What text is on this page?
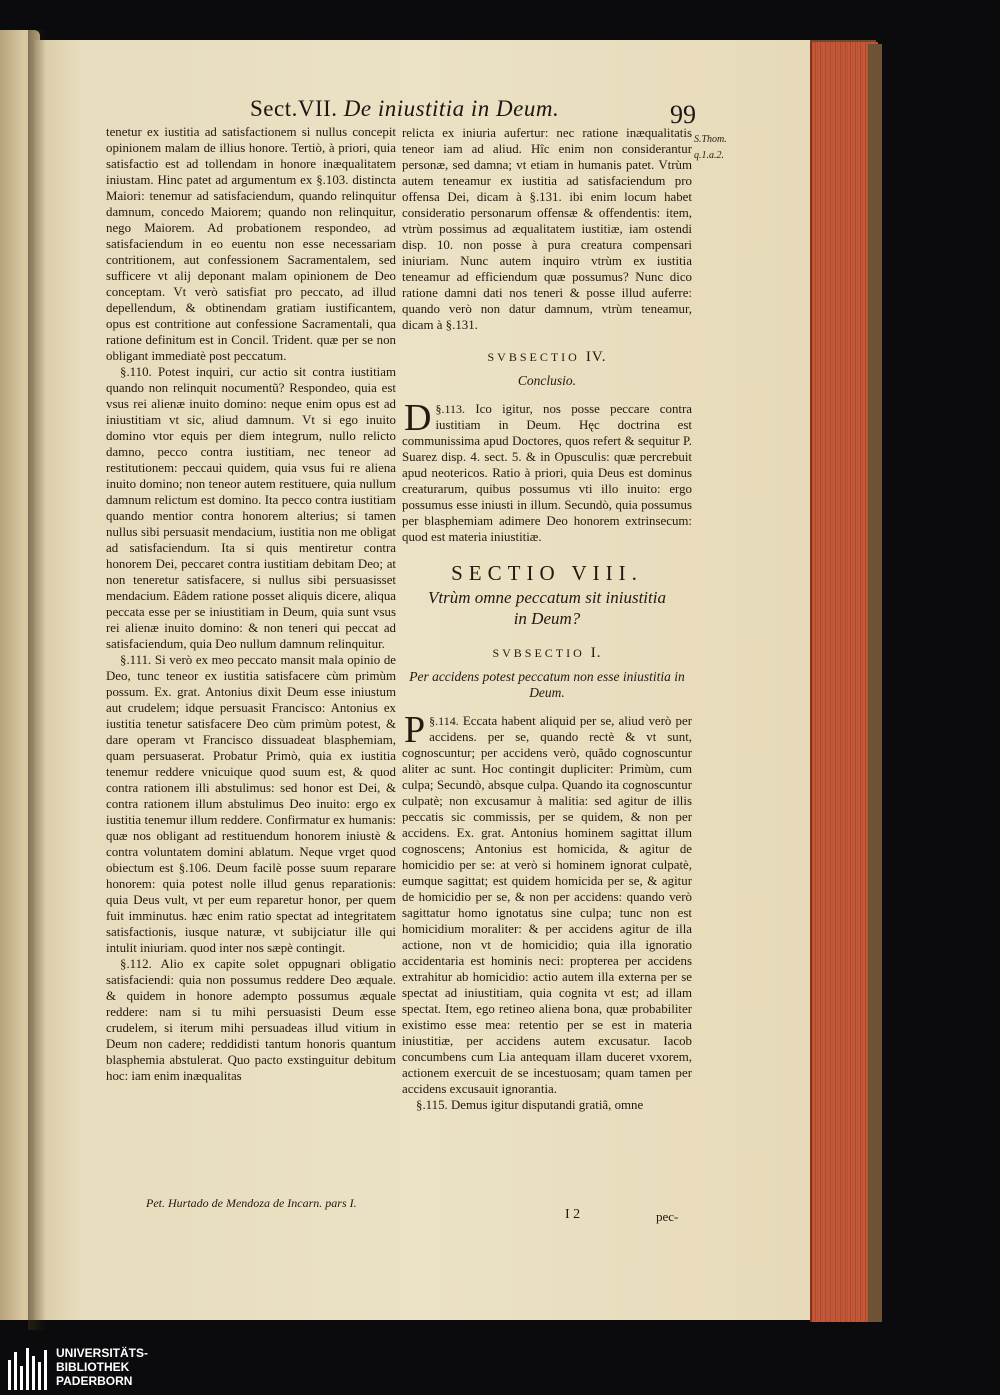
Sect.VII. De iniustitia in Deum.	99
S.Thom.
q.1.a.2.

tenetur ex iustitia ad satisfactionem si nullus concepit opinionem malam de illius honore. Tertiò, à priori, quia satisfactio est ad tollendam in honore inæqualitatem iniustam. Hinc patet ad argumentum ex §.103. distincta Maiori: tenemur ad satisfaciendum, quando relinquitur damnum, concedo Maiorem; quando non relinquitur, nego Maiorem. Ad probationem respondeo, ad satisfaciendum in eo euentu non esse necessariam contritionem, aut confessionem Sacramentalem, sed sufficere vt alij deponant malam opinionem de Deo conceptam. Vt verò satisfiat pro peccato, ad illud depellendum, & obtinendam gratiam iustificantem, opus est contritione aut confessione Sacramentali, qua ratione definitum est in Concil. Trident. quæ per se non obligant immediatè post peccatum.

§.110. Potest inquiri, cur actio sit contra iustitiam quando non relinquit nocumentũ? Respondeo, quia est vsus rei alienæ inuito domino: neque enim opus est ad iniustitiam vt sic, aliud damnum. Vt si ego inuito domino vtor equis per diem integrum, nullo relicto damno, pecco contra iustitiam, nec teneor ad restitutionem: peccaui quidem, quia vsus fui re aliena inuito domino; non teneor autem restituere, quia nullum damnum relictum est domino. Ita pecco contra iustitiam quando mentior contra honorem alterius; si tamen nullus sibi persuasit mendacium, iustitia non me obligat ad satisfaciendum. Ita si quis mentiretur contra honorem Dei, peccaret contra iustitiam debitam Deo; at non teneretur satisfacere, si nullus sibi persuasisset mendacium. Eâdem ratione posset aliquis dicere, aliqua peccata esse per se iniustitiam in Deum, quia sunt vsus rei alienæ inuito domino: & non teneri qui peccat ad satisfaciendum, quia Deo nullum damnum relinquitur.

§.111. Si verò ex meo peccato mansit mala opinio de Deo, tunc teneor ex iustitia satisfacere cùm primùm possum. Ex. grat. Antonius dixit Deum esse iniustum aut crudelem; idque persuasit Francisco: Antonius ex iustitia tenetur satisfacere Deo cùm primùm potest, & dare operam vt Francisco dissuadeat blasphemiam, quam persuaserat. Probatur Primò, quia ex iustitia tenemur reddere vnicuique quod suum est, & quod contra rationem illi abstulimus: sed honor est Dei, & contra rationem illum abstulimus Deo inuito: ergo ex iustitia tenemur illum reddere. Confirmatur ex humanis: quæ nos obligant ad restituendum honorem iniustè & contra voluntatem domini ablatum. Neque vrget quod obiectum est §.106. Deum facilè posse suum reparare honorem: quia potest nolle illud genus reparationis: quia Deus vult, vt per eum reparetur honor, per quem fuit imminutus. hæc enim ratio spectat ad integritatem satisfactionis, iusque naturæ, vt subijciatur ille qui intulit iniuriam. quod inter nos sæpè contingit.

§.112. Alio ex capite solet oppugnari obligatio satisfaciendi: quia non possumus reddere Deo æquale. & quidem in honore adempto possumus æquale reddere: nam si tu mihi persuasisti Deum esse crudelem, si iterum mihi persuadeas illud vitium in Deum non cadere; reddidisti tantum honoris quantum blasphemia abstulerat. Quo pacto exstinguitur debitum hoc: iam enim inæqualitas

relicta ex iniuria aufertur: nec ratione inæqualitatis teneor iam ad aliud. Hîc enim non considerantur personæ, sed damna; vt etiam in humanis patet. Vtrùm autem teneamur ex iustitia ad satisfaciendum pro offensa Dei, dicam à §.131. ibi enim locum habet consideratio personarum offensæ & offendentis: item, vtrùm possimus ad æqualitatem iustitiæ, iam ostendi disp. 10. non posse à pura creatura compensari iniuriam. Nunc autem inquiro vtrùm ex iustitia teneamur ad efficiendum quæ possumus? Nunc dico ratione damni dati nos teneri & posse illud auferre: quando verò non datur damnum, vtrùm teneamur, dicam à §.131.

SVBSECTIO IV.
Conclusio.

§.113.
D	Ico igitur, nos posse peccare contra iustitiam in Deum. Hęc doctrina est communissima apud Doctores, quos refert & sequitur P. Suarez disp. 4. sect. 5. & in Opusculis: quæ percrebuit apud neotericos. Ratio à priori, quia Deus est dominus creaturarum, quibus possumus vti illo inuito: ergo possumus esse iniusti in illum. Secundò, quia possumus per blasphemiam adimere Deo honorem extrinsecum: quod est materia iniustitiæ.

SECTIO VIII.
Vtrùm omne peccatum sit iniustitia in Deum?
SVBSECTIO I.
Per accidens potest peccatum non esse iniustitia in Deum.

§.114.
P	Eccata habent aliquid per se, aliud verò per accidens. per se, quando rectè & vt sunt, cognoscuntur; per accidens verò, quãdo cognoscuntur aliter ac sunt. Hoc contingit dupliciter: Primùm, cum culpa; Secundò, absque culpa. Quando ita cognoscuntur culpatè; non excusamur à malitia: sed agitur de illis peccatis sic commissis, per se quidem, & non per accidens. Ex. grat. Antonius hominem sagittat illum cognoscens; Antonius est homicida, & agitur de homicidio per se: at verò si hominem ignorat culpatè, eumque sagittat; est quidem homicida per se, & agitur de homicidio per se, & non per accidens: quando verò sagittatur homo ignotatus sine culpa; tunc non est homicidium moraliter: & per accidens agitur de illa actione, non vt de homicidio; quia illa ignoratio accidentaria est hominis neci: propterea per accidens extrahitur ab homicidio: actio autem illa externa per se spectat ad iniustitiam, quia cognita vt est; ad illam spectat. Item, ego retineo aliena bona, quæ probabiliter existimo esse mea: retentio per se est in materia iniustitiæ, per accidens autem excusatur. Iacob concumbens cum Lia antequam illam duceret vxorem, actionem exercuit de se incestuosam; quam tamen per accidens excusauit ignorantia.

§.115. Demus igitur disputandi gratiâ, omne

Pet. Hurtado de Mendoza de Incarn. pars I.
I 2	pec-
UNIVERSITÄTS-
BIBLIOTHEK
PADERBORN
